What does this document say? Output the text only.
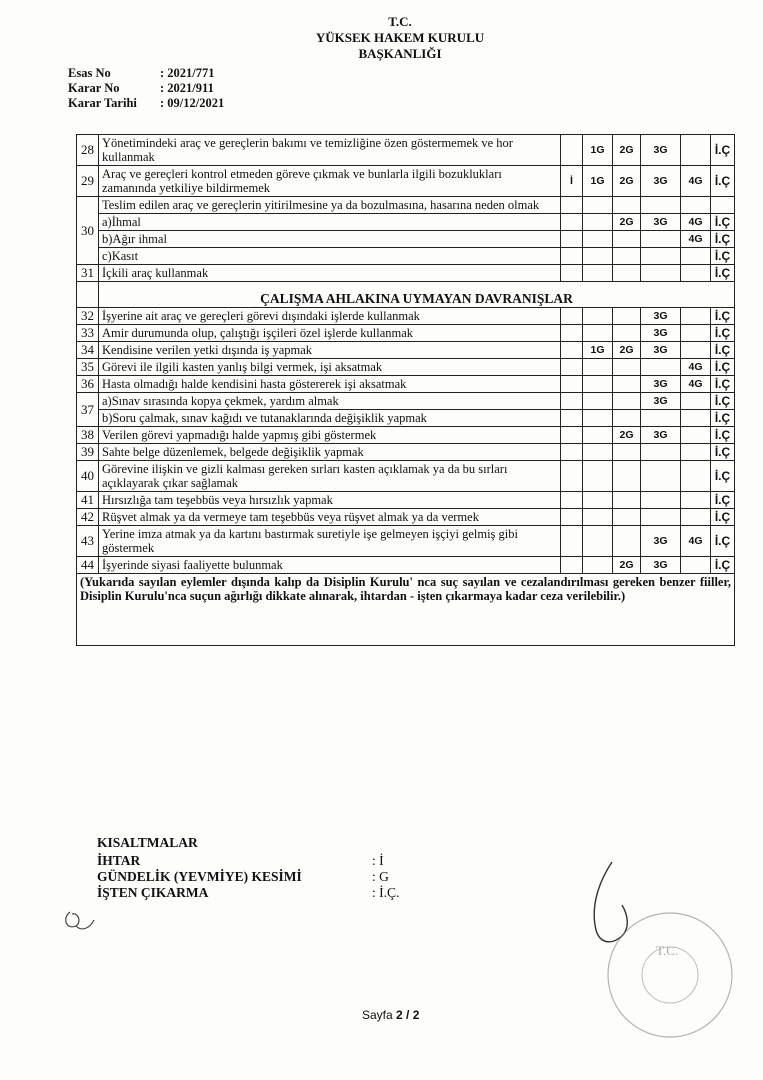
T.C.
YÜKSEK HAKEM KURULU
BAŞKANLIĞI
Esas No	: 2021/771
Karar No	: 2021/911
Karar Tarihi	: 09/12/2021
28	Yönetimindeki araç ve gereçlerin bakımı ve temizliğine özen göstermemek ve hor kullanmak		1G	2G	3G		İ.Ç
29	Araç ve gereçleri kontrol etmeden göreve çıkmak ve bunlarla ilgili bozuklukları zamanında yetkiliye bildirmemek	İ	1G	2G	3G	4G	İ.Ç
30	Teslim edilen araç ve gereçlerin yitirilmesine ya da bozulmasına, hasarına neden olmak						
	a)İhmal			2G	3G	4G	İ.Ç
	b)Ağır ihmal					4G	İ.Ç
	c)Kasıt						İ.Ç
31	İçkili araç kullanmak						İ.Ç
	ÇALIŞMA AHLAKINA UYMAYAN DAVRANIŞLAR						
32	İşyerine ait araç ve gereçleri görevi dışındaki işlerde kullanmak				3G		İ.Ç
33	Amir durumunda olup, çalıştığı işçileri özel işlerde kullanmak				3G		İ.Ç
34	Kendisine verilen yetki dışında iş yapmak		1G	2G	3G		İ.Ç
35	Görevi ile ilgili kasten yanlış bilgi vermek, işi aksatmak					4G	İ.Ç
36	Hasta olmadığı halde kendisini hasta göstererek işi aksatmak				3G	4G	İ.Ç
37	a)Sınav sırasında kopya çekmek, yardım almak				3G		İ.Ç
	b)Soru çalmak, sınav kağıdı ve tutanaklarında değişiklik yapmak						İ.Ç
38	Verilen görevi yapmadığı halde yapmış gibi göstermek			2G	3G		İ.Ç
39	Sahte belge düzenlemek, belgede değişiklik yapmak						İ.Ç
40	Görevine ilişkin ve gizli kalması gereken sırları kasten açıklamak ya da bu sırları açıklayarak çıkar sağlamak						İ.Ç
41	Hırsızlığa tam teşebbüs veya hırsızlık yapmak						İ.Ç
42	Rüşvet almak ya da vermeye tam teşebbüs veya rüşvet almak ya da vermek						İ.Ç
43	Yerine imza atmak ya da kartını bastırmak suretiyle işe gelmeyen işçiyi gelmiş gibi göstermek				3G	4G	İ.Ç
44	İşyerinde siyasi faaliyette bulunmak			2G	3G		İ.Ç
(Yukarıda sayılan eylemler dışında kalıp da Disiplin Kurulu' nca suç sayılan ve cezalandırılması gereken benzer fiiller, Disiplin Kurulu'nca suçun ağırlığı dikkate alınarak, ihtardan - işten çıkarmaya kadar ceza verilebilir.)							
KISALTMALAR
İHTAR	: İ
GÜNDELİK (YEVMİYE) KESİMİ	: G
İŞTEN ÇIKARMA	: İ.Ç.
Sayfa 2 / 2
T.C.
